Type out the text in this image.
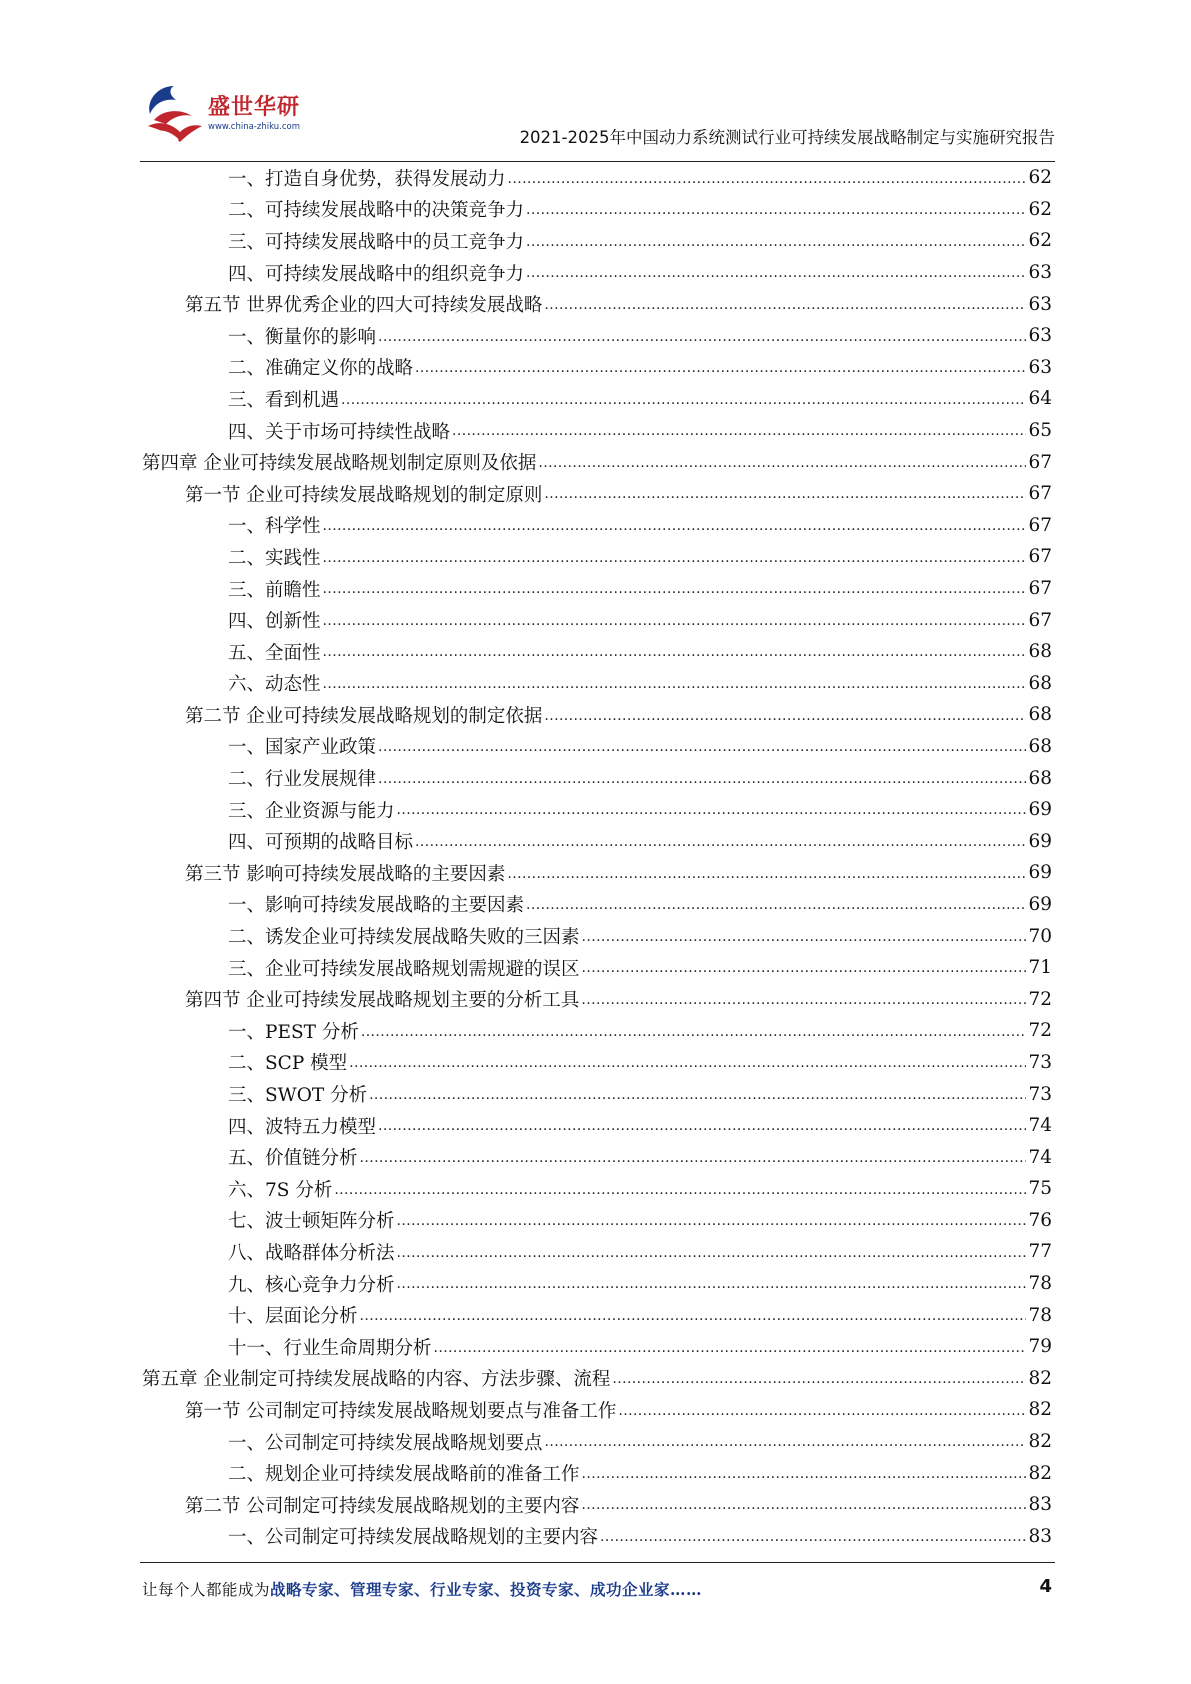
盛世华研
www.china-zhiku.com
2021-2025年中国动力系统测试行业可持续发展战略制定与实施研究报告
一、打造自身优势，获得发展动力 .....	62
二、可持续发展战略中的决策竞争力 .....	62
三、可持续发展战略中的员工竞争力 .....	62
四、可持续发展战略中的组织竞争力 .....	63
第五节 世界优秀企业的四大可持续发展战略 .....	63
一、衡量你的影响 .....	63
二、准确定义你的战略 .....	63
三、看到机遇 .....	64
四、关于市场可持续性战略 .....	65
第四章 企业可持续发展战略规划制定原则及依据 .....	67
第一节 企业可持续发展战略规划的制定原则 .....	67
一、科学性 .....	67
二、实践性 .....	67
三、前瞻性 .....	67
四、创新性 .....	67
五、全面性 .....	68
六、动态性 .....	68
第二节 企业可持续发展战略规划的制定依据 .....	68
一、国家产业政策 .....	68
二、行业发展规律 .....	68
三、企业资源与能力 .....	69
四、可预期的战略目标 .....	69
第三节 影响可持续发展战略的主要因素 .....	69
一、影响可持续发展战略的主要因素 .....	69
二、诱发企业可持续发展战略失败的三因素 .....	70
三、企业可持续发展战略规划需规避的误区 .....	71
第四节 企业可持续发展战略规划主要的分析工具 .....	72
一、PEST 分析 .....	72
二、SCP 模型 .....	73
三、SWOT 分析 .....	73
四、波特五力模型 .....	74
五、价值链分析 .....	74
六、7S 分析 .....	75
七、波士顿矩阵分析 .....	76
八、战略群体分析法 .....	77
九、核心竞争力分析 .....	78
十、层面论分析 .....	78
十一、行业生命周期分析 .....	79
第五章 企业制定可持续发展战略的内容、方法步骤、流程 .....	82
第一节 公司制定可持续发展战略规划要点与准备工作 .....	82
一、公司制定可持续发展战略规划要点 .....	82
二、规划企业可持续发展战略前的准备工作 .....	82
第二节 公司制定可持续发展战略规划的主要内容 .....	83
一、公司制定可持续发展战略规划的主要内容 .....	83
让每个人都能成为战略专家、管理专家、行业专家、投资专家、成功企业家……	4
